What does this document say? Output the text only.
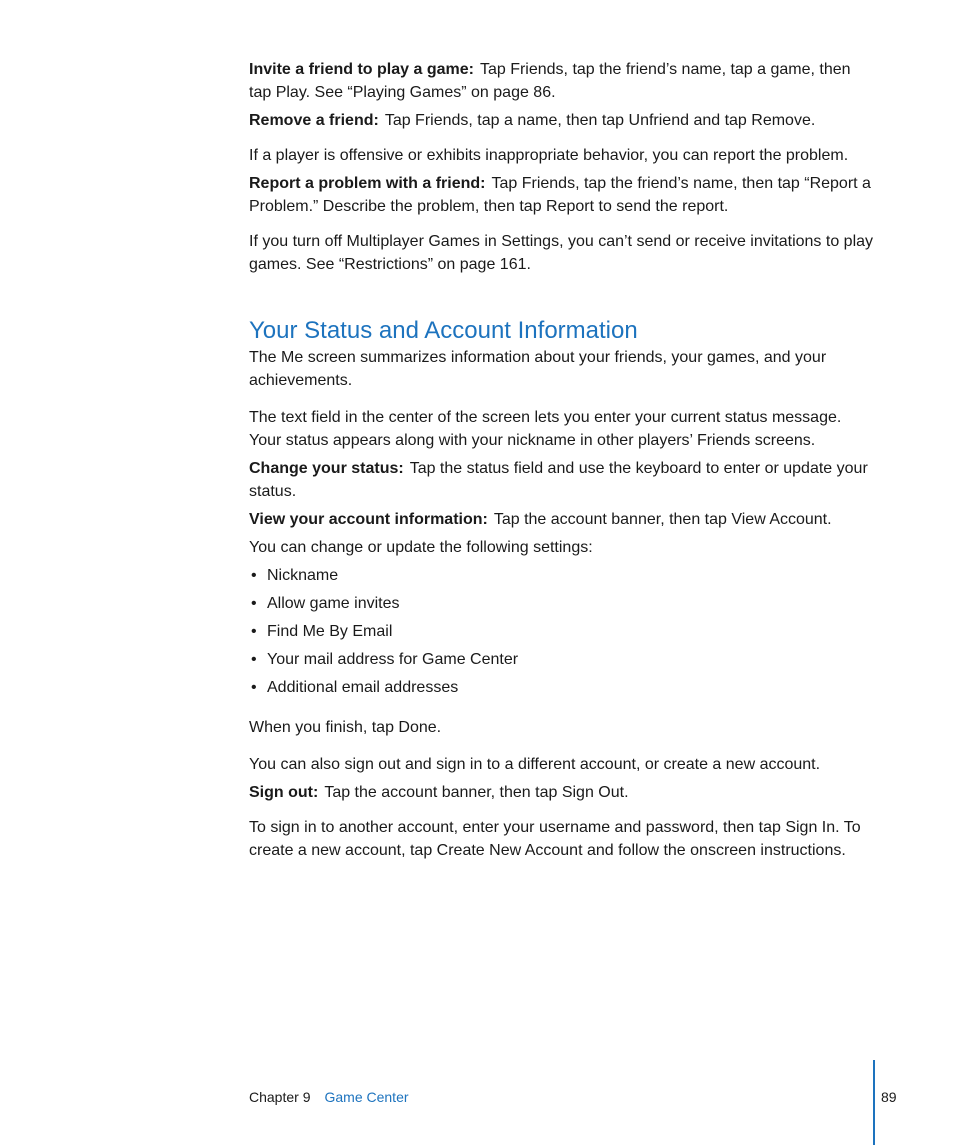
Invite a friend to play a game: Tap Friends, tap the friend’s name, tap a game, then tap Play. See “Playing Games” on page 86.

Remove a friend: Tap Friends, tap a name, then tap Unfriend and tap Remove.

If a player is offensive or exhibits inappropriate behavior, you can report the problem.

Report a problem with a friend: Tap Friends, tap the friend’s name, then tap “Report a Problem.” Describe the problem, then tap Report to send the report.

If you turn off Multiplayer Games in Settings, you can’t send or receive invitations to play games. See “Restrictions” on page 161.

Your Status and Account Information

The Me screen summarizes information about your friends, your games, and your achievements.

The text field in the center of the screen lets you enter your current status message. Your status appears along with your nickname in other players’ Friends screens.

Change your status: Tap the status field and use the keyboard to enter or update your status.

View your account information: Tap the account banner, then tap View Account.

You can change or update the following settings:

• Nickname
• Allow game invites
• Find Me By Email
• Your mail address for Game Center
• Additional email addresses

When you finish, tap Done.

You can also sign out and sign in to a different account, or create a new account.

Sign out: Tap the account banner, then tap Sign Out.

To sign in to another account, enter your username and password, then tap Sign In. To create a new account, tap Create New Account and follow the onscreen instructions.

Chapter 9 Game Center	89
